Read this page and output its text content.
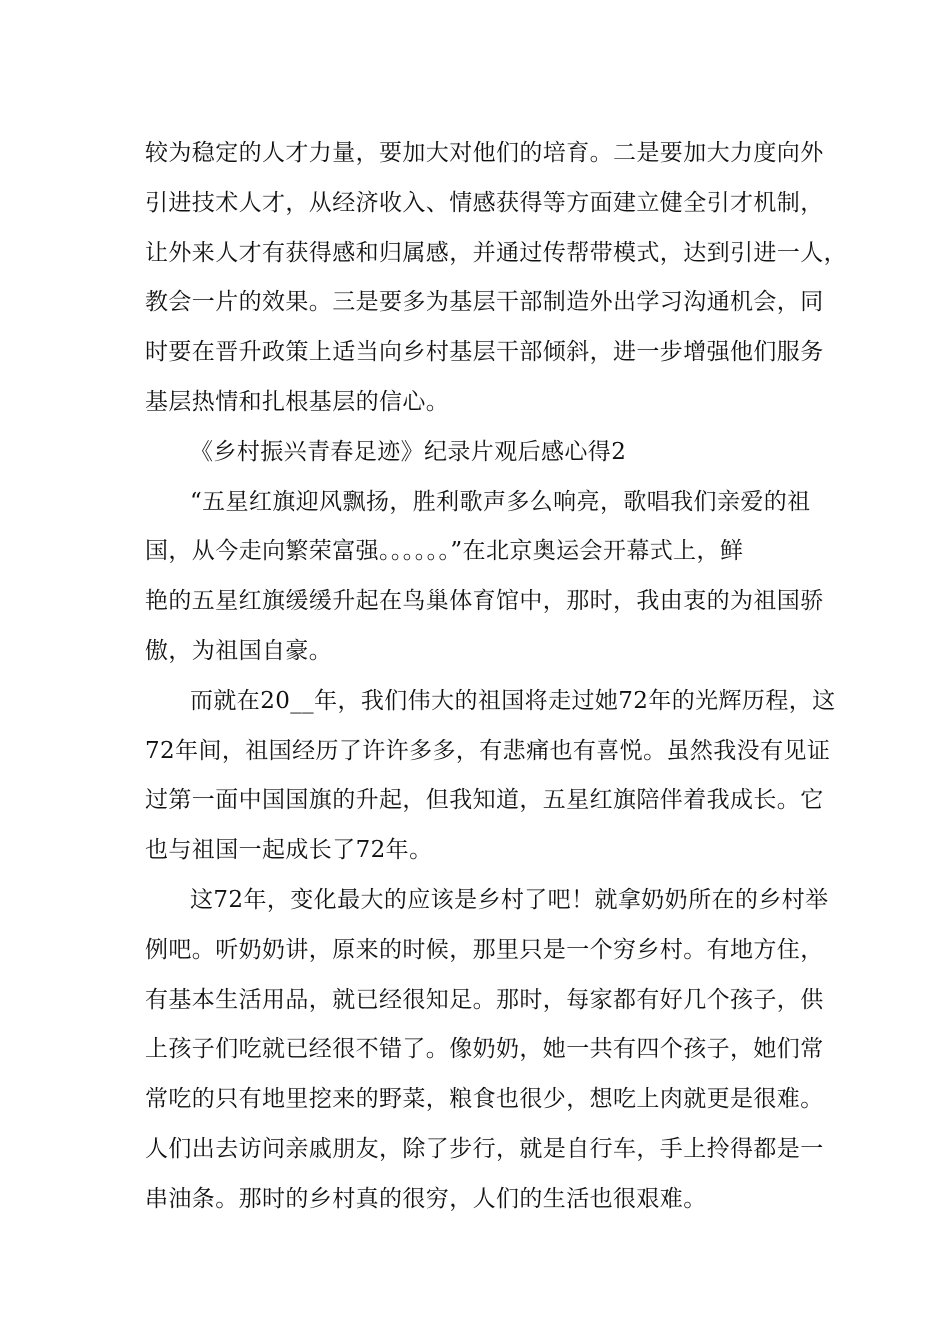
较为稳定的人才力量，要加大对他们的培育。二是要加大力度向外
引进技术人才，从经济收入、情感获得等方面建立健全引才机制，
让外来人才有获得感和归属感，并通过传帮带模式，达到引进一人，
教会一片的效果。三是要多为基层干部制造外出学习沟通机会，同
时要在晋升政策上适当向乡村基层干部倾斜，进一步增强他们服务
基层热情和扎根基层的信心。
《乡村振兴青春足迹》纪录片观后感心得2
“五星红旗迎风飘扬，胜利歌声多么响亮，歌唱我们亲爱的祖
国，从今走向繁荣富强。。。。。。”在北京奥运会开幕式上，鲜
艳的五星红旗缓缓升起在鸟巢体育馆中，那时，我由衷的为祖国骄
傲，为祖国自豪。
而就在20__年，我们伟大的祖国将走过她72年的光辉历程，这
72年间，祖国经历了许许多多，有悲痛也有喜悦。虽然我没有见证
过第一面中国国旗的升起，但我知道，五星红旗陪伴着我成长。它
也与祖国一起成长了72年。
这72年，变化最大的应该是乡村了吧！就拿奶奶所在的乡村举
例吧。听奶奶讲，原来的时候，那里只是一个穷乡村。有地方住，
有基本生活用品，就已经很知足。那时，每家都有好几个孩子，供
上孩子们吃就已经很不错了。像奶奶，她一共有四个孩子，她们常
常吃的只有地里挖来的野菜，粮食也很少，想吃上肉就更是很难。
人们出去访问亲戚朋友，除了步行，就是自行车，手上拎得都是一
串油条。那时的乡村真的很穷，人们的生活也很艰难。
